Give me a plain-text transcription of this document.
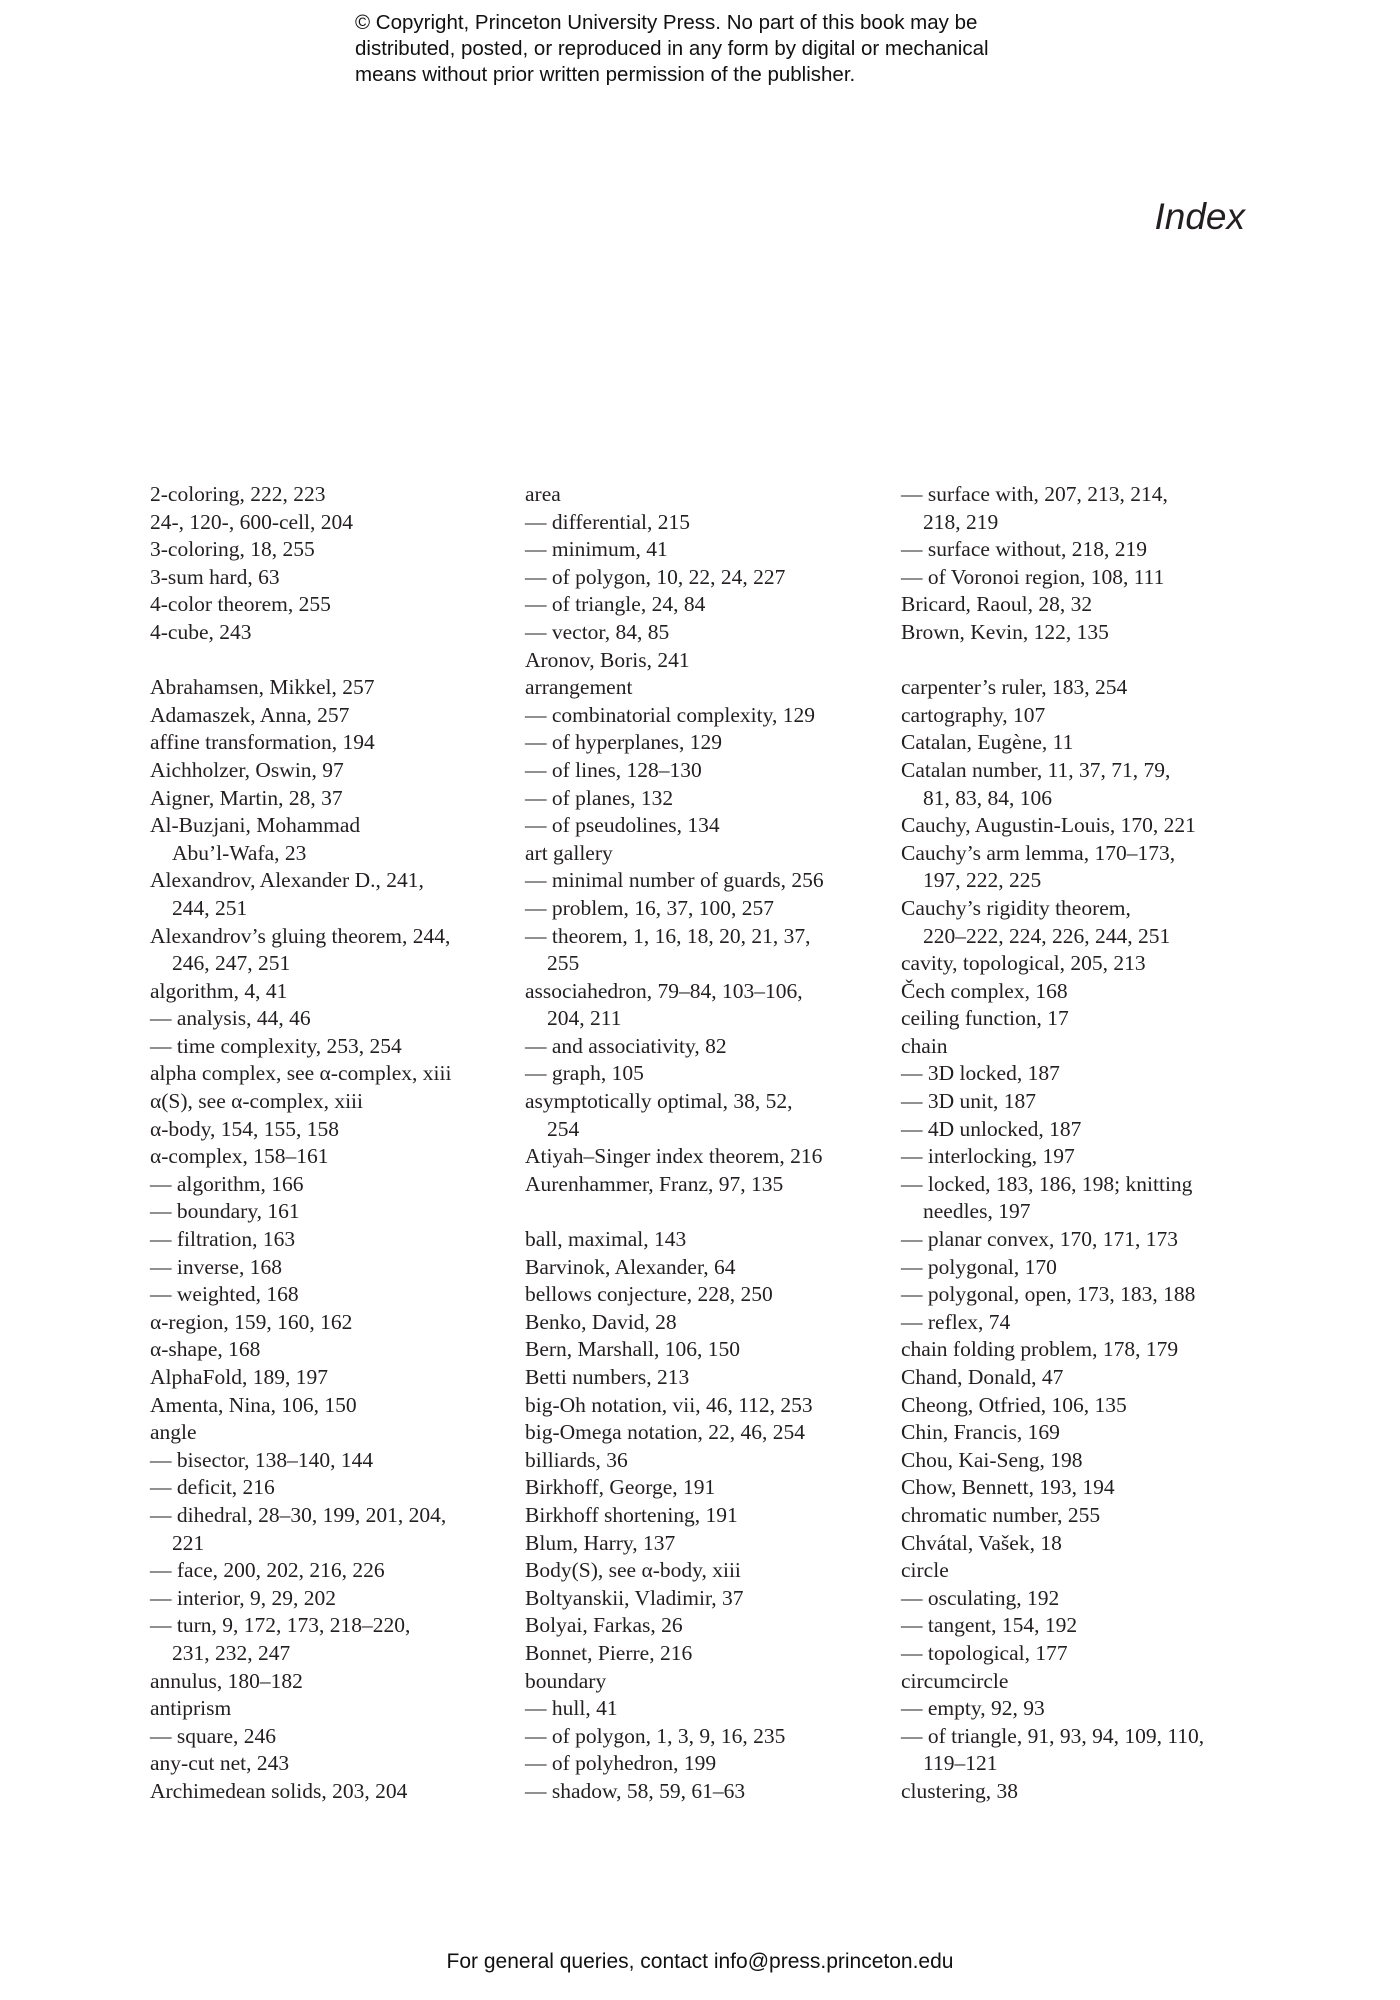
© Copyright, Princeton University Press. No part of this book may be
distributed, posted, or reproduced in any form by digital or mechanical
means without prior written permission of the publisher.
Index
2-coloring, 222, 223
24-, 120-, 600-cell, 204
3-coloring, 18, 255
3-sum hard, 63
4-color theorem, 255
4-cube, 243
Abrahamsen, Mikkel, 257
Adamaszek, Anna, 257
affine transformation, 194
Aichholzer, Oswin, 97
Aigner, Martin, 28, 37
Al-Buzjani, Mohammad
Abu’l-Wafa, 23
Alexandrov, Alexander D., 241,
244, 251
Alexandrov’s gluing theorem, 244,
246, 247, 251
algorithm, 4, 41
— analysis, 44, 46
— time complexity, 253, 254
alpha complex, see α-complex, xiii
α(S), see α-complex, xiii
α-body, 154, 155, 158
α-complex, 158–161
— algorithm, 166
— boundary, 161
— filtration, 163
— inverse, 168
— weighted, 168
α-region, 159, 160, 162
α-shape, 168
AlphaFold, 189, 197
Amenta, Nina, 106, 150
angle
— bisector, 138–140, 144
— deficit, 216
— dihedral, 28–30, 199, 201, 204,
221
— face, 200, 202, 216, 226
— interior, 9, 29, 202
— turn, 9, 172, 173, 218–220,
231, 232, 247
annulus, 180–182
antiprism
— square, 246
any-cut net, 243
Archimedean solids, 203, 204
area
— differential, 215
— minimum, 41
— of polygon, 10, 22, 24, 227
— of triangle, 24, 84
— vector, 84, 85
Aronov, Boris, 241
arrangement
— combinatorial complexity, 129
— of hyperplanes, 129
— of lines, 128–130
— of planes, 132
— of pseudolines, 134
art gallery
— minimal number of guards, 256
— problem, 16, 37, 100, 257
— theorem, 1, 16, 18, 20, 21, 37,
255
associahedron, 79–84, 103–106,
204, 211
— and associativity, 82
— graph, 105
asymptotically optimal, 38, 52,
254
Atiyah–Singer index theorem, 216
Aurenhammer, Franz, 97, 135
ball, maximal, 143
Barvinok, Alexander, 64
bellows conjecture, 228, 250
Benko, David, 28
Bern, Marshall, 106, 150
Betti numbers, 213
big-Oh notation, vii, 46, 112, 253
big-Omega notation, 22, 46, 254
billiards, 36
Birkhoff, George, 191
Birkhoff shortening, 191
Blum, Harry, 137
Body(S), see α-body, xiii
Boltyanskii, Vladimir, 37
Bolyai, Farkas, 26
Bonnet, Pierre, 216
boundary
— hull, 41
— of polygon, 1, 3, 9, 16, 235
— of polyhedron, 199
— shadow, 58, 59, 61–63
— surface with, 207, 213, 214,
218, 219
— surface without, 218, 219
— of Voronoi region, 108, 111
Bricard, Raoul, 28, 32
Brown, Kevin, 122, 135
carpenter’s ruler, 183, 254
cartography, 107
Catalan, Eugène, 11
Catalan number, 11, 37, 71, 79,
81, 83, 84, 106
Cauchy, Augustin-Louis, 170, 221
Cauchy’s arm lemma, 170–173,
197, 222, 225
Cauchy’s rigidity theorem,
220–222, 224, 226, 244, 251
cavity, topological, 205, 213
Čech complex, 168
ceiling function, 17
chain
— 3D locked, 187
— 3D unit, 187
— 4D unlocked, 187
— interlocking, 197
— locked, 183, 186, 198; knitting
needles, 197
— planar convex, 170, 171, 173
— polygonal, 170
— polygonal, open, 173, 183, 188
— reflex, 74
chain folding problem, 178, 179
Chand, Donald, 47
Cheong, Otfried, 106, 135
Chin, Francis, 169
Chou, Kai-Seng, 198
Chow, Bennett, 193, 194
chromatic number, 255
Chvátal, Vašek, 18
circle
— osculating, 192
— tangent, 154, 192
— topological, 177
circumcircle
— empty, 92, 93
— of triangle, 91, 93, 94, 109, 110,
119–121
clustering, 38
For general queries, contact info@press.princeton.edu
